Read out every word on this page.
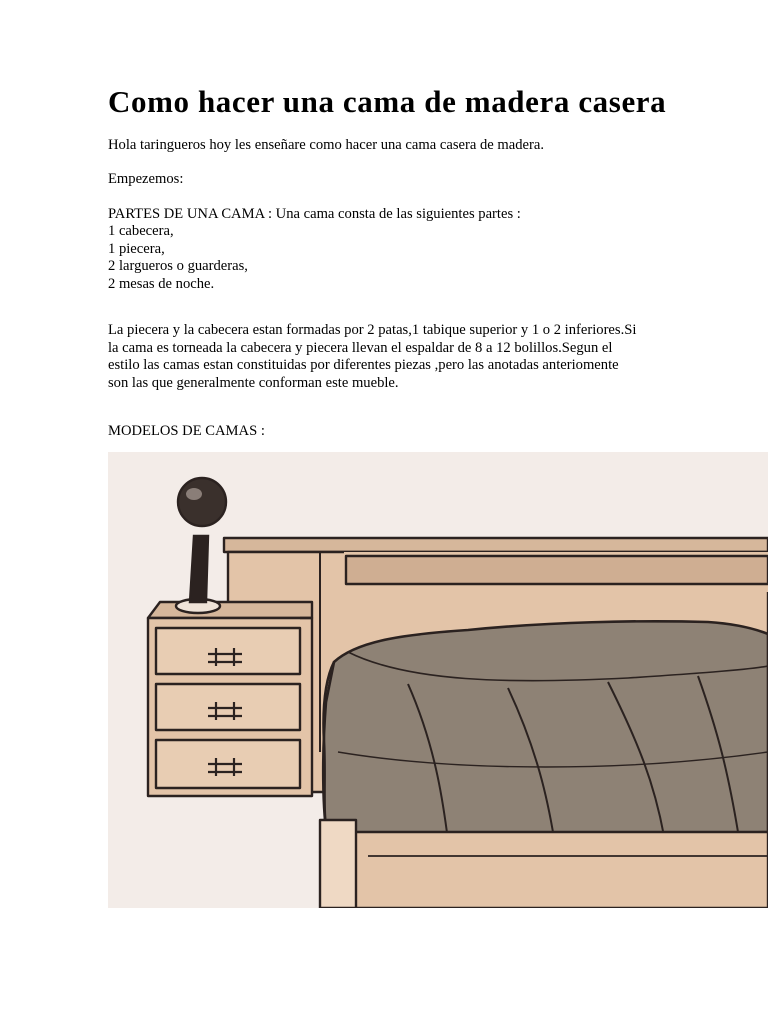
Como hacer una cama de madera casera

Hola taringueros hoy les enseñare como hacer una cama casera de madera.

Empezemos:

PARTES DE UNA CAMA : Una cama consta de las siguientes partes :

1 cabecera,
1 piecera,
2 largueros o guarderas,
2 mesas de noche.

La piecera y la cabecera estan formadas por 2 patas,1 tabique superior y 1 o 2 inferiores.Si la cama es torneada la cabecera y piecera llevan el espaldar de 8 a 12 bolillos.Segun el estilo las camas estan constituidas por diferentes piezas ,pero las anotadas anteriomente son las que generalmente conforman este mueble.

MODELOS DE CAMAS :
